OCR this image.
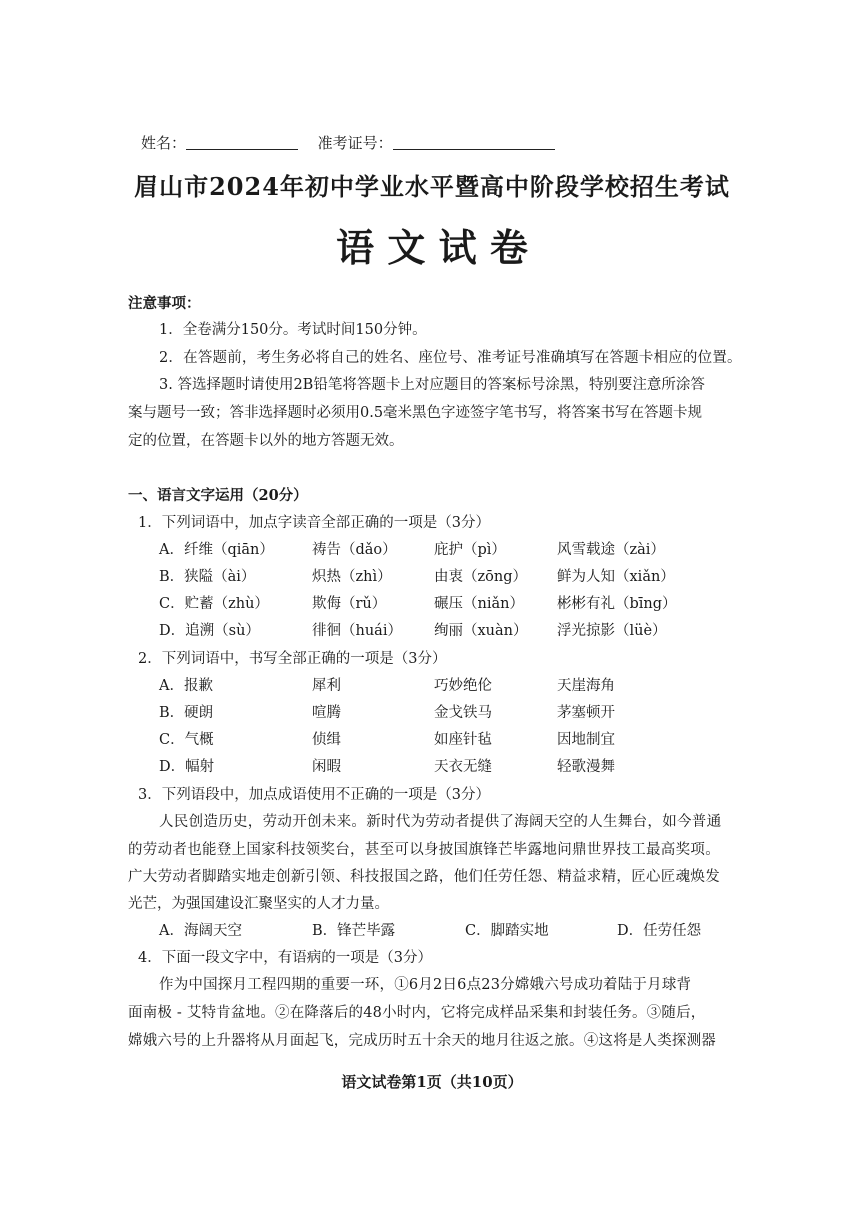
姓名：	准考证号：
眉山市2024年初中学业水平暨高中阶段学校招生考试
语 文 试 卷
注意事项：
1．全卷满分150分。考试时间150分钟。
2．在答题前，考生务必将自己的姓名、座位号、准考证号准确填写在答题卡相应的位置。
3. 答选择题时请使用2B铅笔将答题卡上对应题目的答案标号涂黑，特别要注意所涂答
案与题号一致；答非选择题时必须用0.5毫米黑色字迹签字笔书写，将答案书写在答题卡规
定的位置，在答题卡以外的地方答题无效。
一、语言文字运用（20分）
1．下列词语中，加点字读音全部正确的一项是（3分）
A．纤维（qiān）	祷告（dǎo）	庇护（pì）	风雪载途（zài）
B．狭隘（ài）	炽热（zhì）	由衷（zōng） 鲜为人知（xiǎn）
C．贮蓄（zhù）	欺侮（rǔ）	碾压（niǎn） 彬彬有礼（bīng）
D．追溯（sù）	徘徊（huái） 绚丽（xuàn） 浮光掠影（lüè）
2．下列词语中，书写全部正确的一项是（3分）
A．报歉	犀利	巧妙绝伦	天崖海角
B．硬朗	喧腾	金戈铁马	茅塞顿开
C．气概	侦缉	如座针毡	因地制宜
D．幅射	闲暇	天衣无缝	轻歌漫舞
3．下列语段中，加点成语使用不正确的一项是（3分）
人民创造历史，劳动开创未来。新时代为劳动者提供了海阔天空的人生舞台，如今普通
的劳动者也能登上国家科技领奖台，甚至可以身披国旗锋芒毕露地问鼎世界技工最高奖项。
广大劳动者脚踏实地走创新引领、科技报国之路，他们任劳任怨、精益求精，匠心匠魂焕发
光芒，为强国建设汇聚坚实的人才力量。
A．海阔天空	B．锋芒毕露	C．脚踏实地	D．任劳任怨
4．下面一段文字中，有语病的一项是（3分）
作为中国探月工程四期的重要一环，①6月2日6点23分嫦娥六号成功着陆于月球背
面南极 - 艾特肯盆地。②在降落后的48小时内，它将完成样品采集和封装任务。③随后，
嫦娥六号的上升器将从月面起飞，完成历时五十余天的地月往返之旅。④这将是人类探测器
语文试卷第1页（共10页）
